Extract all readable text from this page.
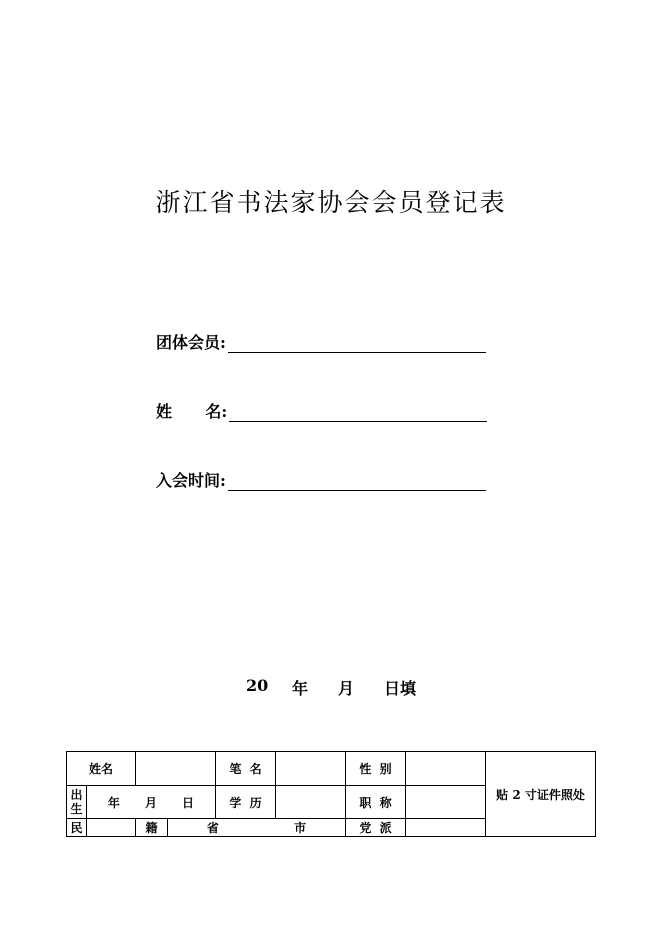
浙江省书法家协会会员登记表
团体会员:
姓      名:
入会时间:
20	年	月	日填
姓名				笔  名		性  别		贴 2 寸证件照处
出
生	年      月      日			学  历		职  称		
民		籍	省                  市			党  派		
